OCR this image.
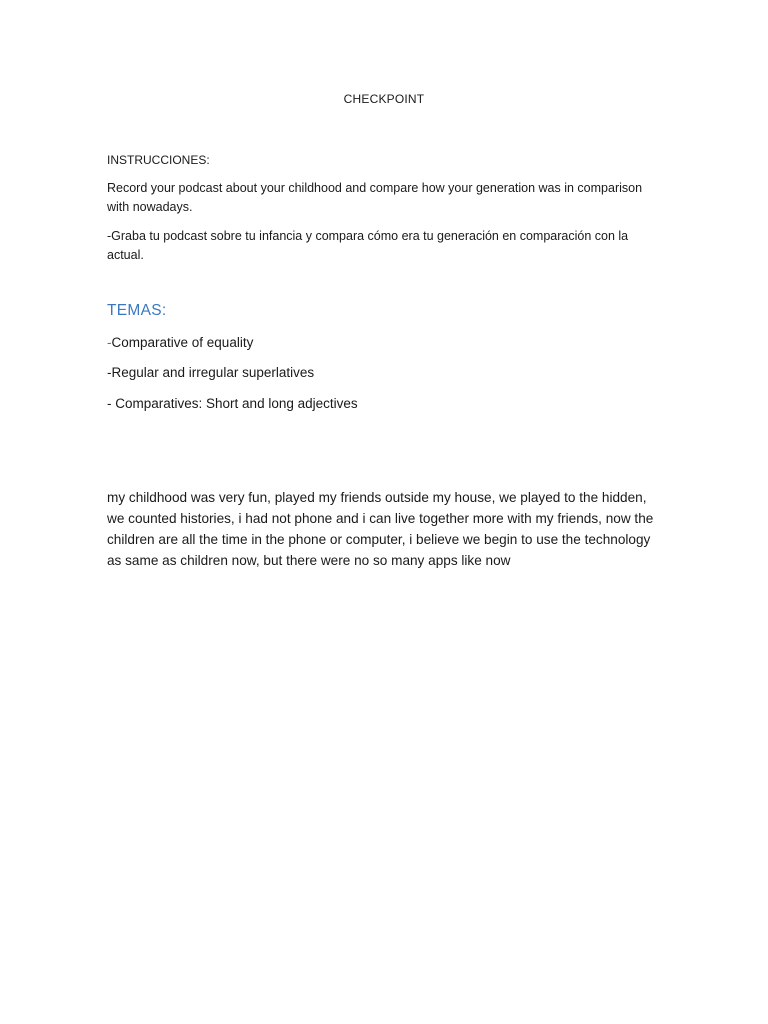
CHECKPOINT
INSTRUCCIONES:
Record your podcast about your childhood and compare how your generation was in comparison with nowadays.
-Graba tu podcast sobre tu infancia y compara cómo era tu generación en comparación con la actual.
TEMAS:
-Comparative of equality
-Regular and irregular superlatives
- Comparatives: Short and long adjectives
my childhood was very fun, played my friends outside my house, we played to the hidden, we counted histories, i had not phone and i can live together more with my friends, now the children are all the time in the phone or computer, i believe we begin to use the technology as same as children now, but there were no so many apps like now
